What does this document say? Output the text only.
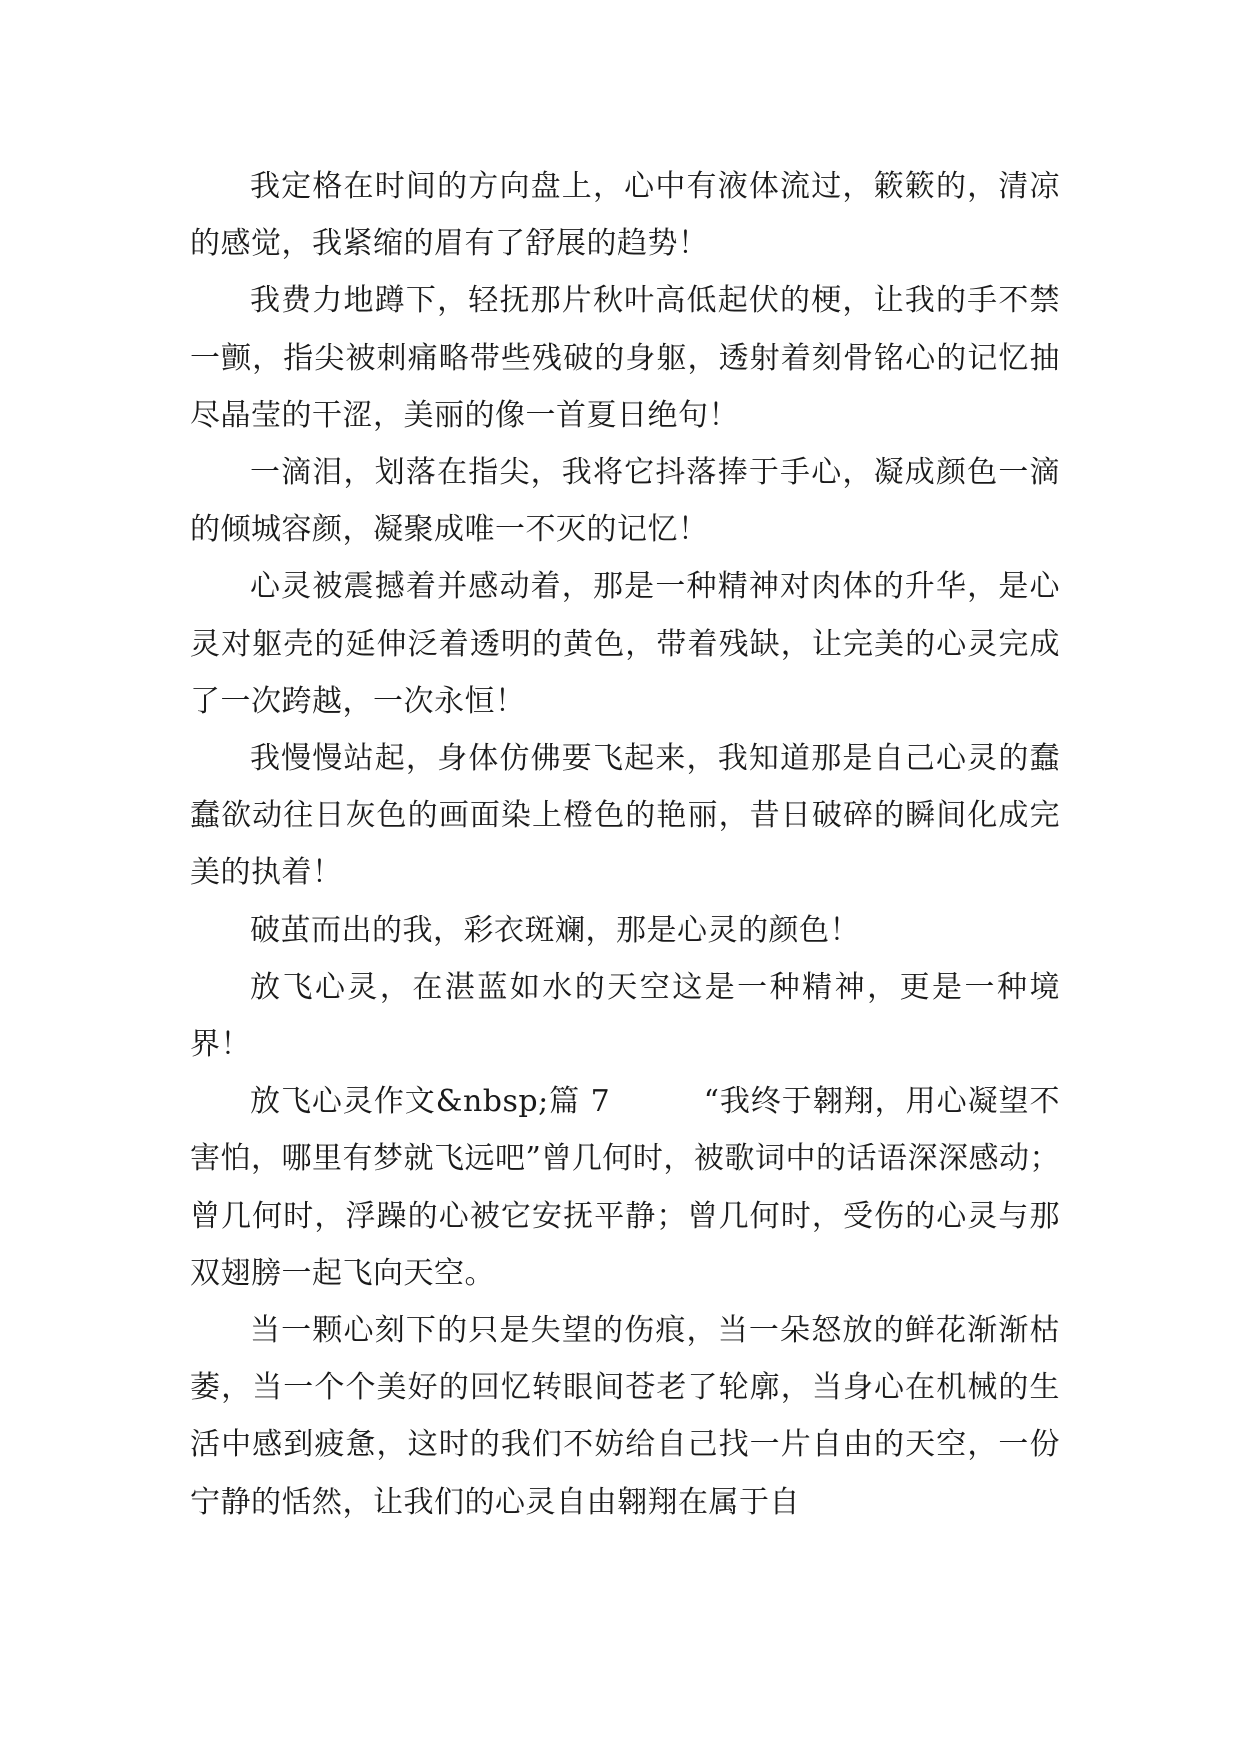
我定格在时间的方向盘上，心中有液体流过，簌簌的，清凉的感觉，我紧缩的眉有了舒展的趋势！

我费力地蹲下，轻抚那片秋叶高低起伏的梗，让我的手不禁一颤，指尖被刺痛略带些残破的身躯，透射着刻骨铭心的记忆抽尽晶莹的干涩，美丽的像一首夏日绝句！

一滴泪，划落在指尖，我将它抖落捧于手心，凝成颜色一滴的倾城容颜，凝聚成唯一不灭的记忆！

心灵被震撼着并感动着，那是一种精神对肉体的升华，是心灵对躯壳的延伸泛着透明的黄色，带着残缺，让完美的心灵完成了一次跨越，一次永恒！

我慢慢站起，身体仿佛要飞起来，我知道那是自己心灵的蠢蠢欲动往日灰色的画面染上橙色的艳丽，昔日破碎的瞬间化成完美的执着！

破茧而出的我，彩衣斑斓，那是心灵的颜色！

放飞心灵，在湛蓝如水的天空这是一种精神，更是一种境界！

放飞心灵作文&nbsp;篇 7　　　“我终于翱翔，用心凝望不害怕，哪里有梦就飞远吧”曾几何时，被歌词中的话语深深感动；曾几何时，浮躁的心被它安抚平静；曾几何时，受伤的心灵与那双翅膀一起飞向天空。

当一颗心刻下的只是失望的伤痕，当一朵怒放的鲜花渐渐枯萎，当一个个美好的回忆转眼间苍老了轮廓，当身心在机械的生活中感到疲惫，这时的我们不妨给自己找一片自由的天空，一份宁静的恬然，让我们的心灵自由翱翔在属于自
